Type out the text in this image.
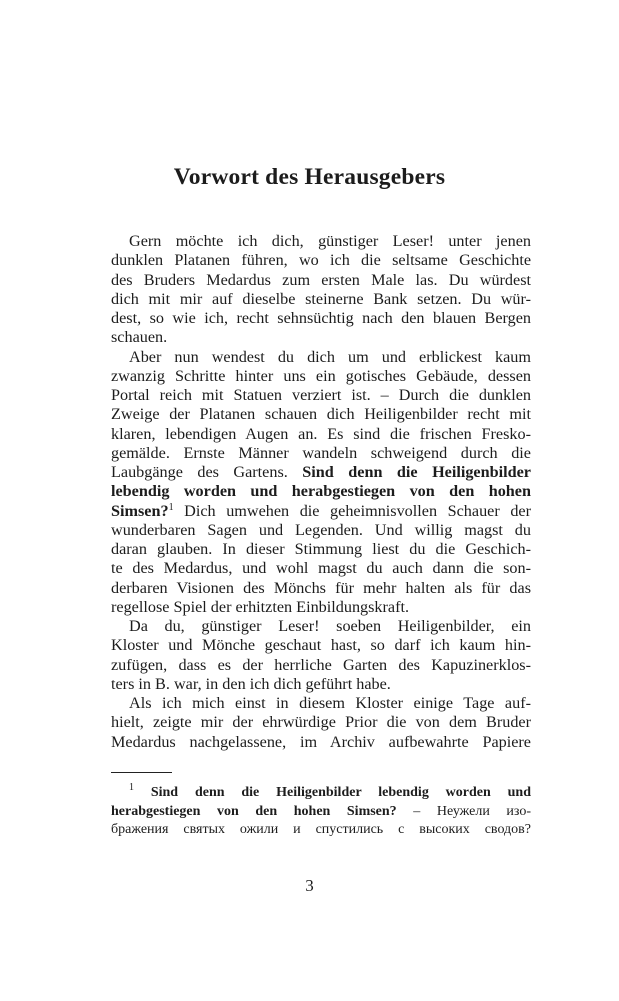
Vorwort des Herausgebers
Gern möchte ich dich, günstiger Leser! unter jenen
dunklen Platanen führen, wo ich die seltsame Geschichte
des Bruders Medardus zum ersten Male las. Du würdest
dich mit mir auf dieselbe steinerne Bank setzen. Du wür-
dest, so wie ich, recht sehnsüchtig nach den blauen Bergen
schauen.
Aber nun wendest du dich um und erblickest kaum
zwanzig Schritte hinter uns ein gotisches Gebäude, dessen
Portal reich mit Statuen verziert ist. – Durch die dunklen
Zweige der Platanen schauen dich Heiligenbilder recht mit
klaren, lebendigen Augen an. Es sind die frischen Fresko-
gemälde. Ernste Männer wandeln schweigend durch die
Laubgänge des Gartens. Sind denn die Heiligenbilder
lebendig worden und herabgestiegen von den hohen
Simsen?$^1$ Dich umwehen die geheimnisvollen Schauer der
wunderbaren Sagen und Legenden. Und willig magst du
daran glauben. In dieser Stimmung liest du die Geschich-
te des Medardus, und wohl magst du auch dann die son-
derbaren Visionen des Mönchs für mehr halten als für das
regellose Spiel der erhitzten Einbildungskraft.
Da du, günstiger Leser! soeben Heiligenbilder, ein
Kloster und Mönche geschaut hast, so darf ich kaum hin-
zufügen, dass es der herrliche Garten des Kapuzinerklos-
ters in B. war, in den ich dich geführt habe.
Als ich mich einst in diesem Kloster einige Tage auf-
hielt, zeigte mir der ehrwürdige Prior die von dem Bruder
Medardus nachgelassene, im Archiv aufbewahrte Papiere
$^1$ Sind denn die Heiligenbilder lebendig worden und
herabgestiegen von den hohen Simsen? – Неужели изо-
бражения святых ожили и спустились с высоких сводов?
3
